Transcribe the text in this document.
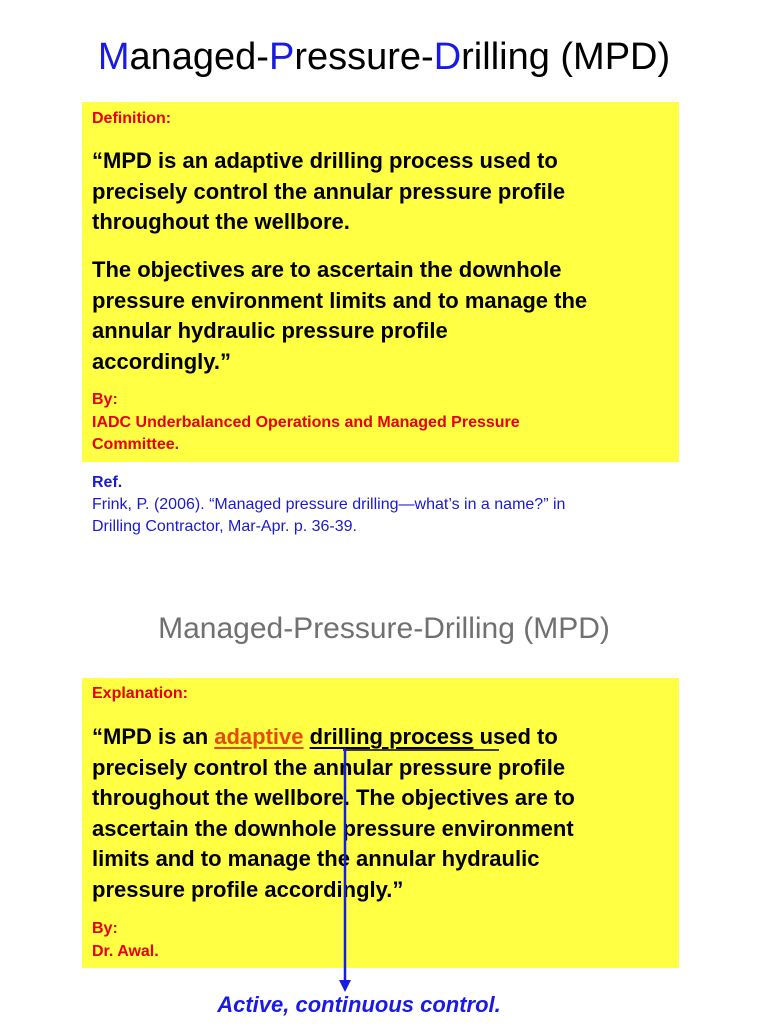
Managed-Pressure-Drilling (MPD)
Definition:
“MPD is an adaptive drilling process used to
precisely control the annular pressure profile
throughout the wellbore.
The objectives are to ascertain the downhole
pressure environment limits and to manage the
annular hydraulic pressure profile
accordingly.”
By:
IADC Underbalanced Operations and Managed Pressure
Committee.
Ref.
Frink, P. (2006). “Managed pressure drilling—what’s in a name?” in
Drilling Contractor, Mar-Apr. p. 36-39.
Managed-Pressure-Drilling (MPD)
Explanation:
“MPD is an adaptive drilling process used to
precisely control the annular pressure profile
throughout the wellbore. The objectives are to
ascertain the downhole pressure environment
limits and to manage the annular hydraulic
pressure profile accordingly.”
By:
Dr. Awal.
Active, continuous control.
